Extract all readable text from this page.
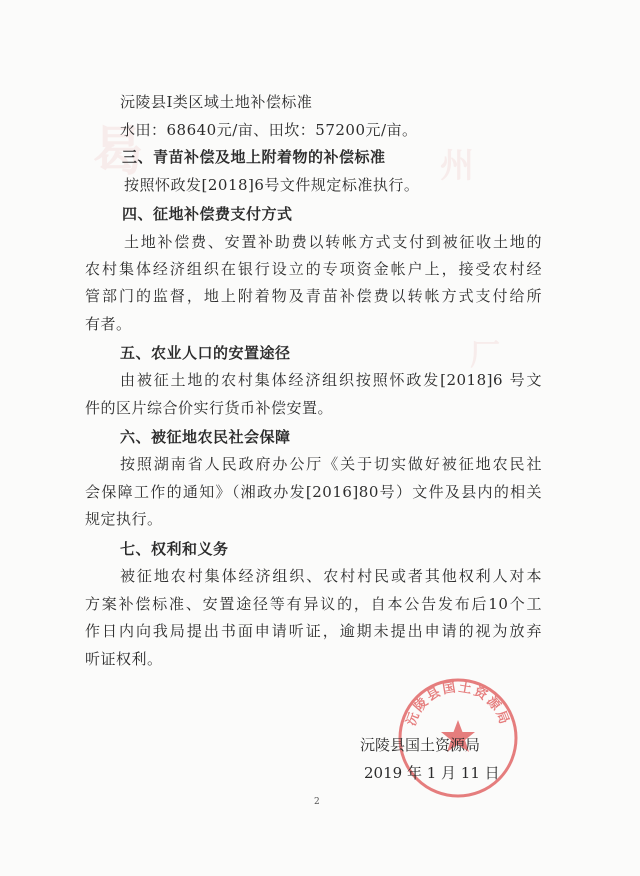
曷	州
厂
沅陵县Ⅰ类区域土地补偿标准
水田：68640元/亩、田坎：57200元/亩。
三、青苗补偿及地上附着物的补偿标准
按照怀政发[2018]6号文件规定标准执行。
四、征地补偿费支付方式
土地补偿费、安置补助费以转帐方式支付到被征收土地的
农村集体经济组织在银行设立的专项资金帐户上，接受农村经
管部门的监督，地上附着物及青苗补偿费以转帐方式支付给所
有者。
五、农业人口的安置途径
由被征土地的农村集体经济组织按照怀政发[2018]6 号文
件的区片综合价实行货币补偿安置。
六、被征地农民社会保障
按照湖南省人民政府办公厅《关于切实做好被征地农民社
会保障工作的通知》（湘政办发[2016]80号）文件及县内的相关
规定执行。
七、权利和义务
被征地农村集体经济组织、农村村民或者其他权利人对本
方案补偿标准、安置途径等有异议的，自本公告发布后10个工
作日内向我局提出书面申请听证，逾期未提出申请的视为放弃
听证权利。
沅陵县国土资源局
沅陵县国土资源局
2019 年 1 月 11 日
2
